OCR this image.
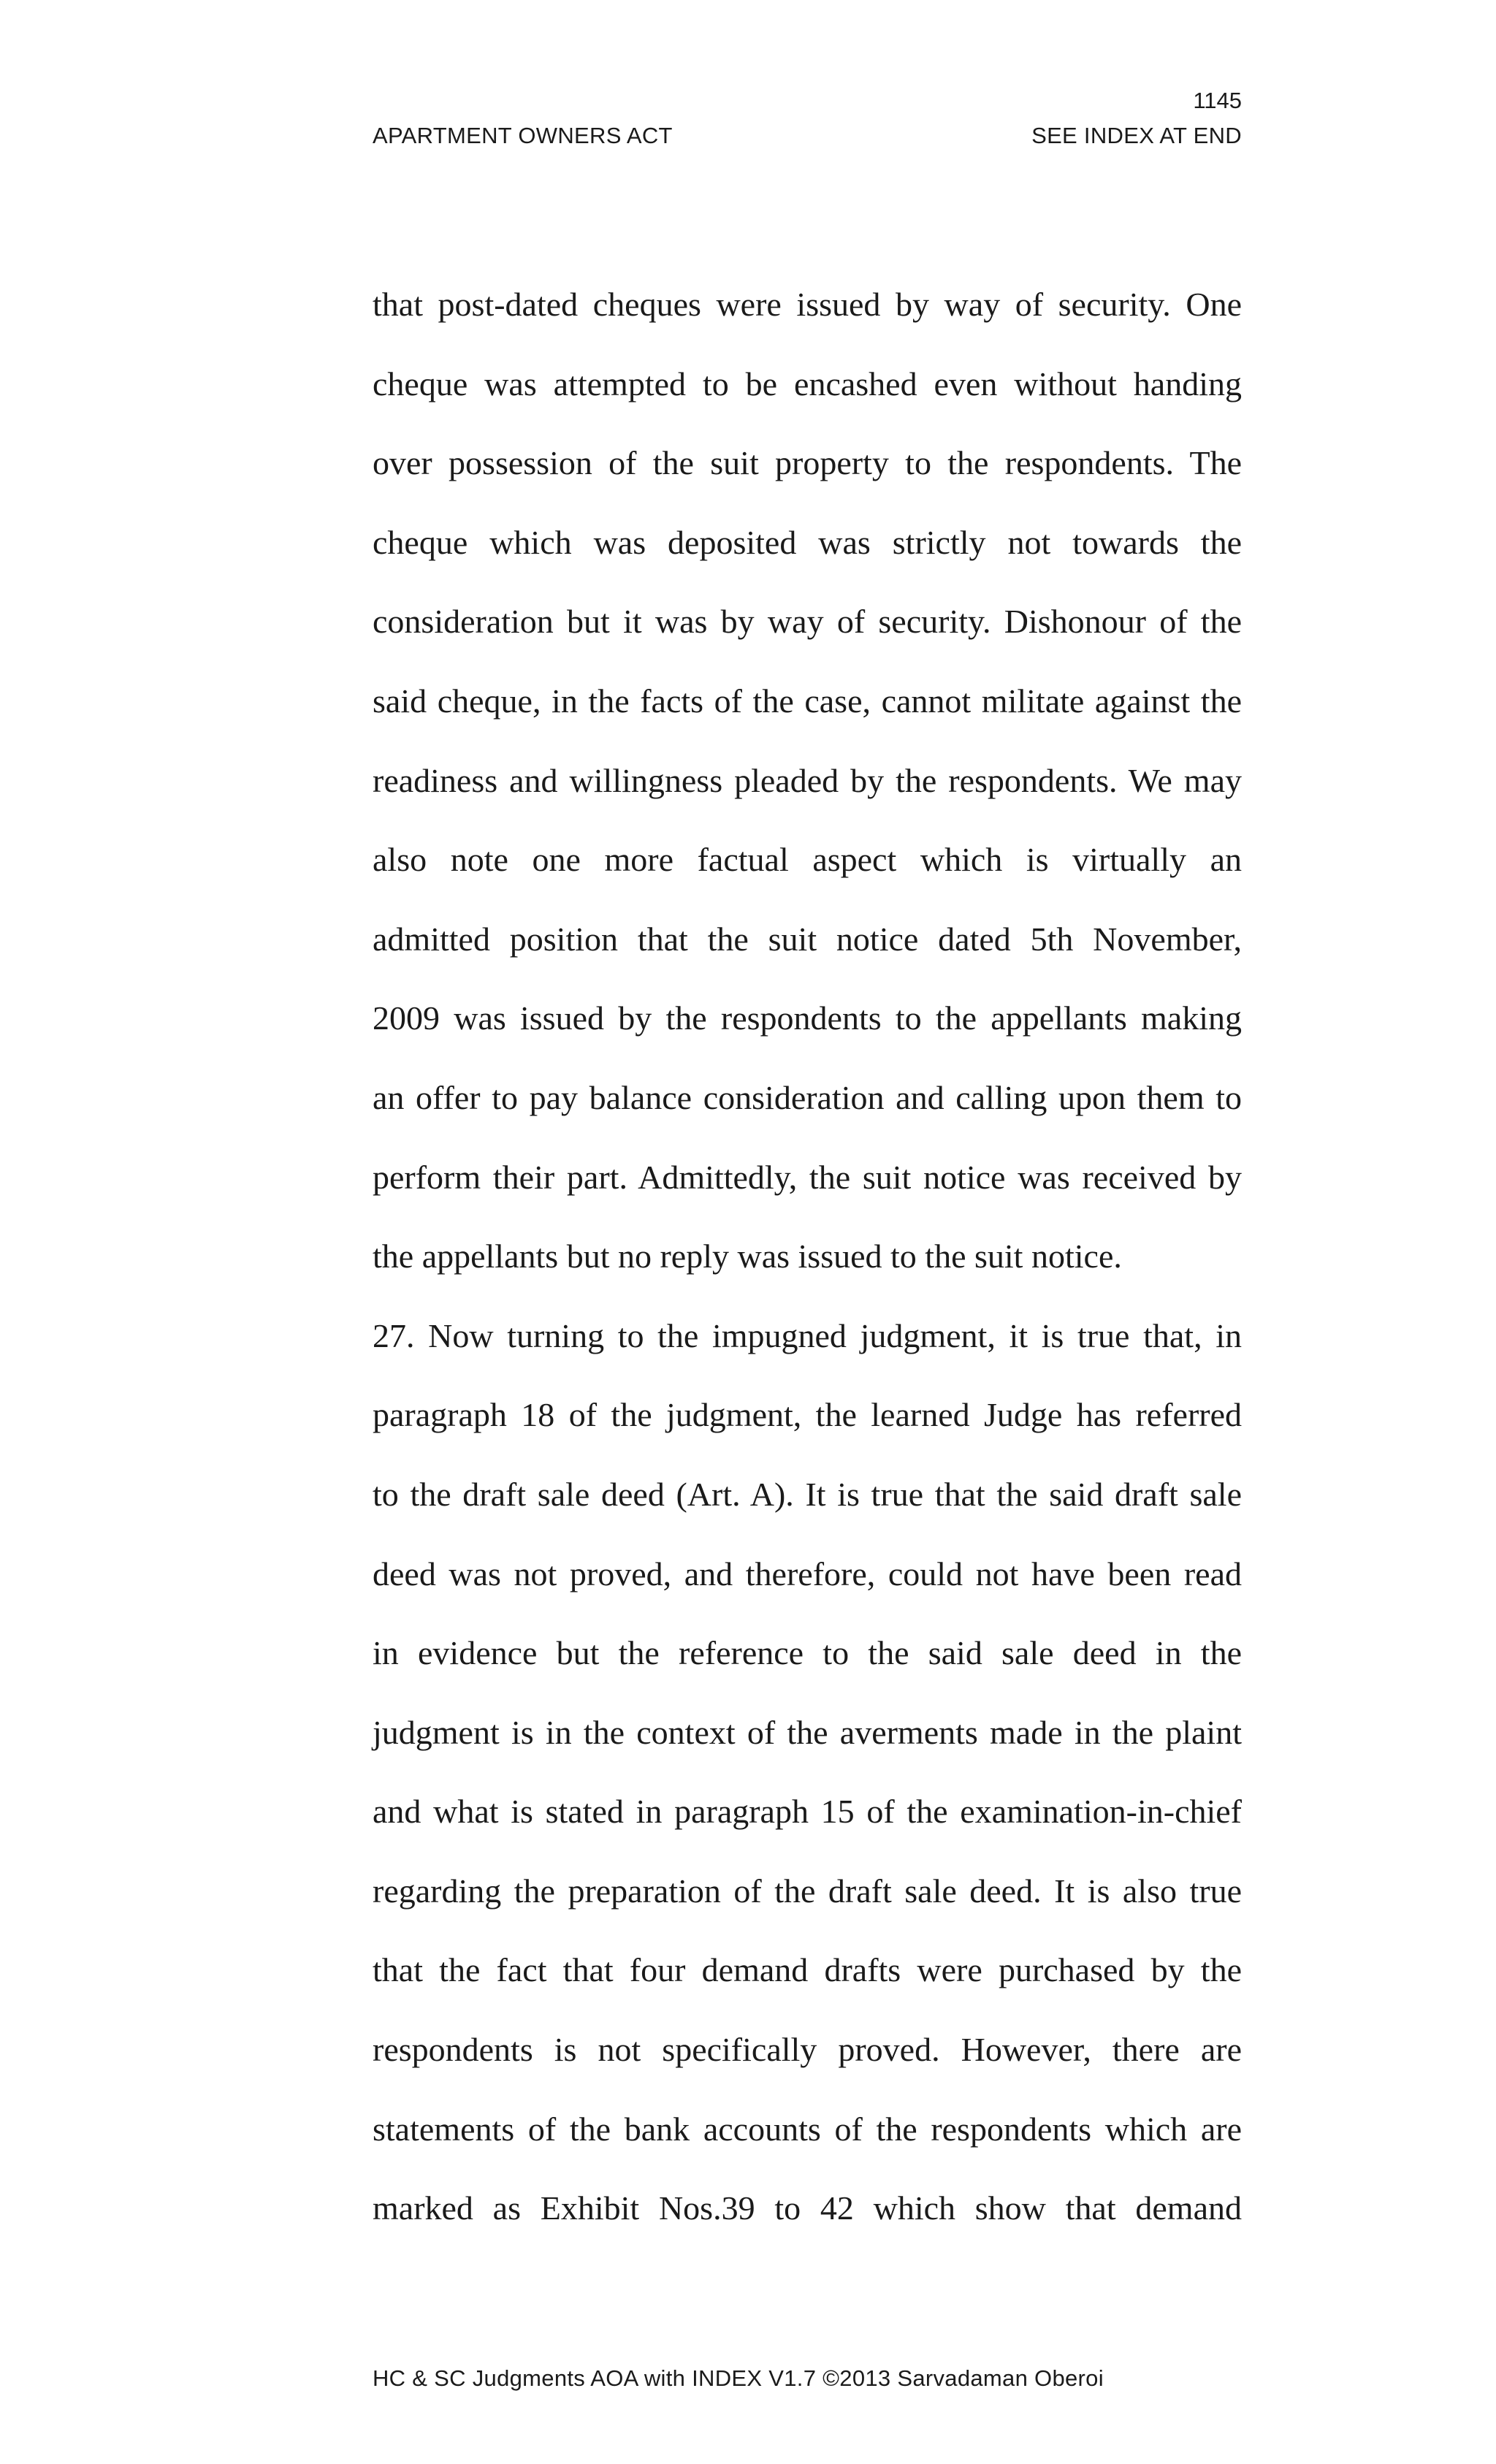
1145
APARTMENT OWNERS ACT	SEE INDEX AT END
that post-dated cheques were issued by way of security. One
cheque was attempted to be encashed even without handing
over possession of the suit property to the respondents. The
cheque which was deposited was strictly not towards the
consideration but it was by way of security. Dishonour of the
said cheque, in the facts of the case, cannot militate against the
readiness and willingness pleaded by the respondents. We may
also note one more factual aspect which is virtually an
admitted position that the suit notice dated 5th November,
2009 was issued by the respondents to the appellants making
an offer to pay balance consideration and calling upon them to
perform their part. Admittedly, the suit notice was received by
the appellants but no reply was issued to the suit notice.
27. Now turning to the impugned judgment, it is true that, in
paragraph 18 of the judgment, the learned Judge has referred
to the draft sale deed (Art. A). It is true that the said draft sale
deed was not proved, and therefore, could not have been read
in evidence but the reference to the said sale deed in the
judgment is in the context of the averments made in the plaint
and what is stated in paragraph 15 of the examination-in-chief
regarding the preparation of the draft sale deed. It is also true
that the fact that four demand drafts were purchased by the
respondents is not specifically proved. However, there are
statements of the bank accounts of the respondents which are
marked as Exhibit Nos.39 to 42 which show that demand
HC & SC Judgments AOA with INDEX V1.7 ©2013 Sarvadaman Oberoi
